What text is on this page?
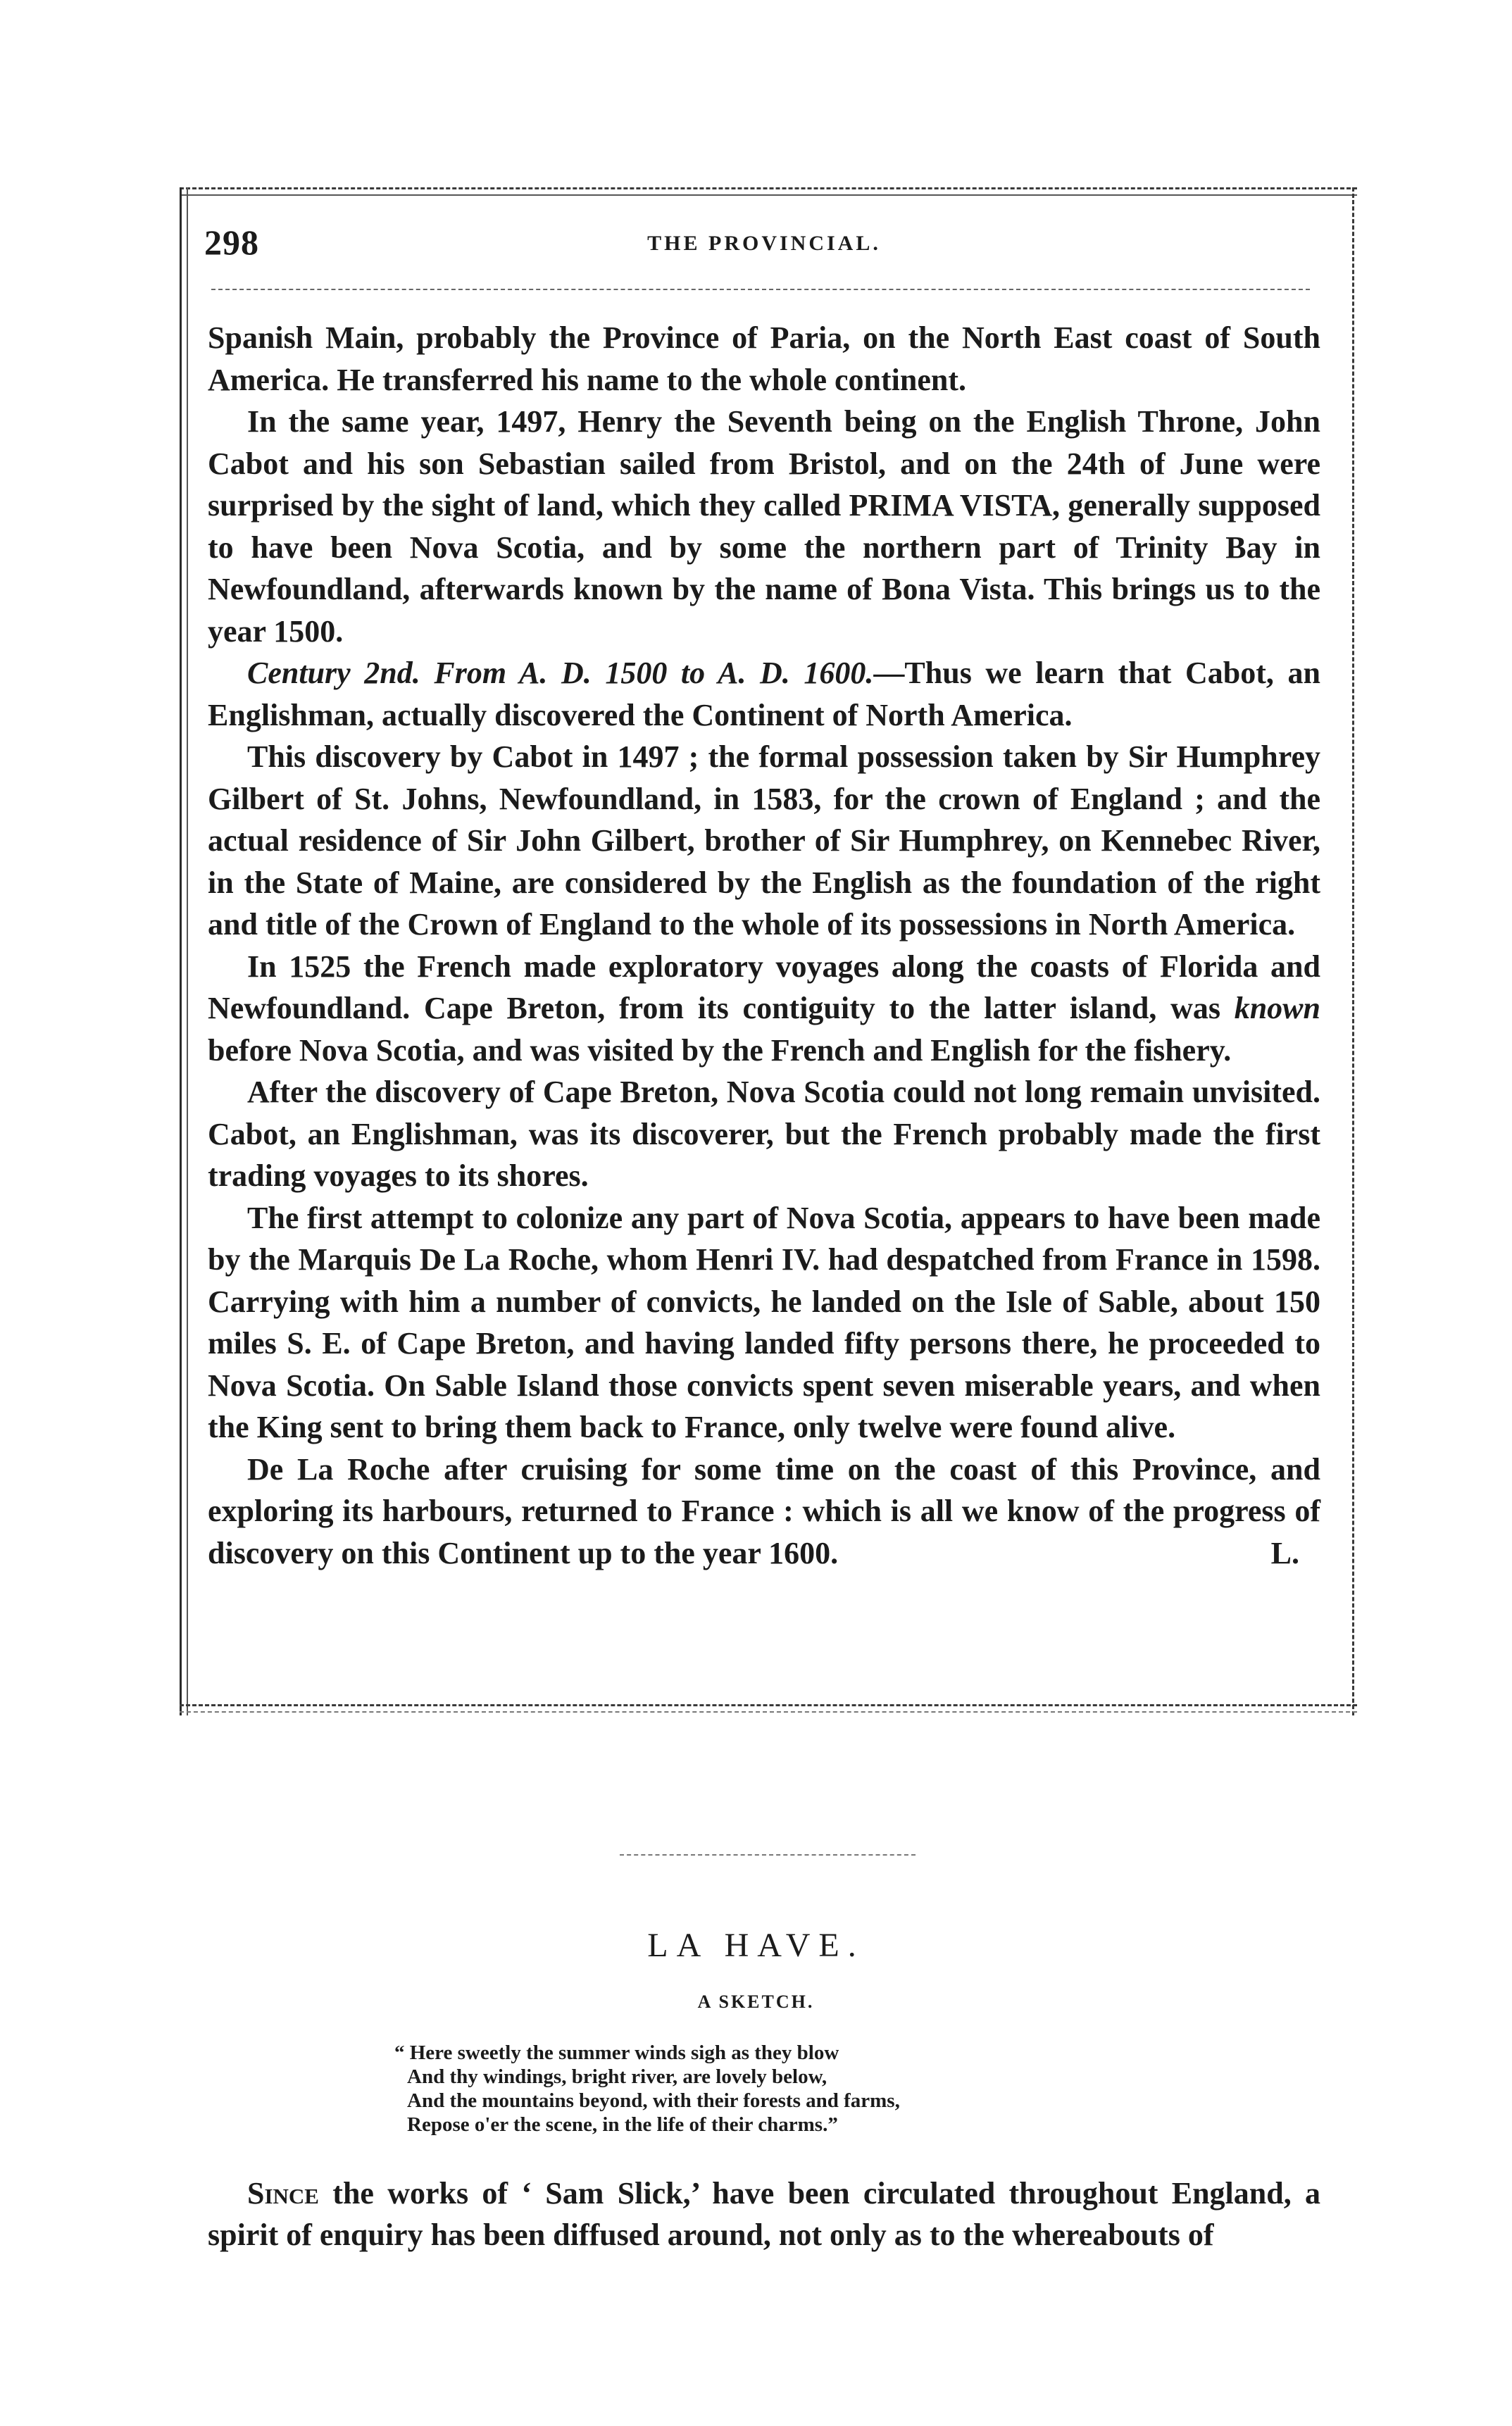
298	THE PROVINCIAL.

Spanish Main, probably the Province of Paria, on the North East coast of South America. He transferred his name to the whole continent.

In the same year, 1497, Henry the Seventh being on the English Throne, John Cabot and his son Sebastian sailed from Bristol, and on the 24th of June were surprised by the sight of land, which they called PRIMA VISTA, generally supposed to have been Nova Scotia, and by some the northern part of Trinity Bay in Newfoundland, afterwards known by the name of Bona Vista. This brings us to the year 1500.

Century 2nd. From A. D. 1500 to A. D. 1600.—Thus we learn that Cabot, an Englishman, actually discovered the Continent of North America.

This discovery by Cabot in 1497 ; the formal possession taken by Sir Humphrey Gilbert of St. Johns, Newfoundland, in 1583, for the crown of England ; and the actual residence of Sir John Gilbert, brother of Sir Humphrey, on Kennebec River, in the State of Maine, are considered by the English as the foundation of the right and title of the Crown of England to the whole of its possessions in North America.

In 1525 the French made exploratory voyages along the coasts of Florida and Newfoundland. Cape Breton, from its contiguity to the latter island, was known before Nova Scotia, and was visited by the French and English for the fishery.

After the discovery of Cape Breton, Nova Scotia could not long remain unvisited. Cabot, an Englishman, was its discoverer, but the French probably made the first trading voyages to its shores.

The first attempt to colonize any part of Nova Scotia, appears to have been made by the Marquis De La Roche, whom Henri IV. had despatched from France in 1598. Carrying with him a number of convicts, he landed on the Isle of Sable, about 150 miles S. E. of Cape Breton, and having landed fifty persons there, he proceeded to Nova Scotia. On Sable Island those convicts spent seven miserable years, and when the King sent to bring them back to France, only twelve were found alive.

De La Roche after cruising for some time on the coast of this Province, and exploring its harbours, returned to France : which is all we know of the progress of discovery on this Continent up to the year 1600.	L.

LA HAVE.
A SKETCH.
“ Here sweetly the summer winds sigh as they blow
And thy windings, bright river, are lovely below,
And the mountains beyond, with their forests and farms,
Repose o'er the scene, in the life of their charms.”
Since the works of ‘ Sam Slick,’ have been circulated throughout England, a spirit of enquiry has been diffused around, not only as to the whereabouts of
